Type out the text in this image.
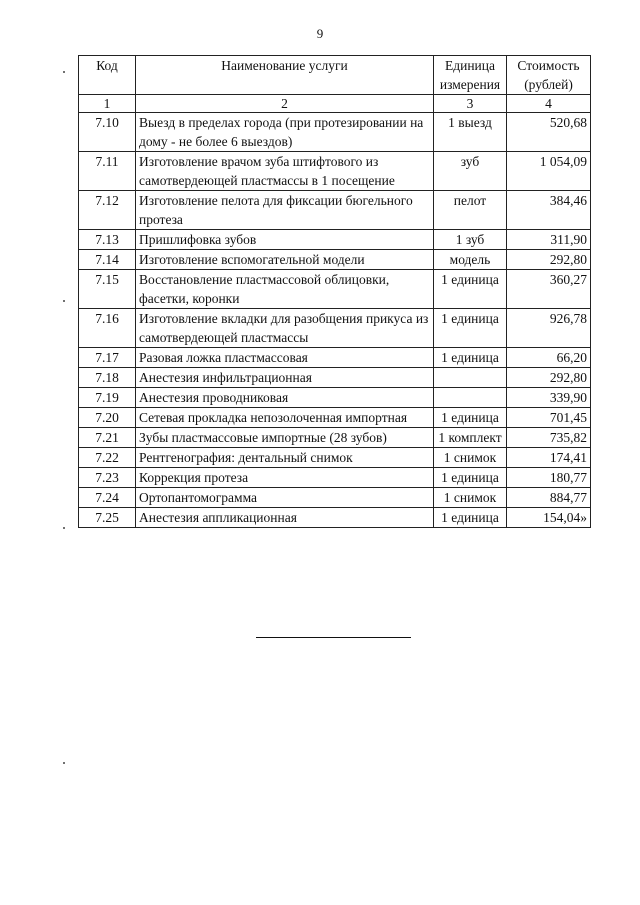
9
Код	Наименование услуги	Единица измерения	Стоимость (рублей)
1	2	3	4
7.10	Выезд в пределах города (при протезировании на дому - не более 6 выездов)	1 выезд	520,68
7.11	Изготовление врачом зуба штифтового из самотвердеющей пластмассы в 1 посещение	зуб	1 054,09
7.12	Изготовление пелота для фиксации бюгельного протеза	пелот	384,46
7.13	Пришлифовка зубов	1 зуб	311,90
7.14	Изготовление вспомогательной модели	модель	292,80
7.15	Восстановление пластмассовой облицовки, фасетки, коронки	1 единица	360,27
7.16	Изготовление вкладки для разобщения прикуса из самотвердеющей пластмассы	1 единица	926,78
7.17	Разовая ложка пластмассовая	1 единица	66,20
7.18	Анестезия инфильтрационная		292,80
7.19	Анестезия проводниковая		339,90
7.20	Сетевая прокладка непозолоченная импортная	1 единица	701,45
7.21	Зубы пластмассовые импортные (28 зубов)	1 комплект	735,82
7.22	Рентгенография: дентальный снимок	1 снимок	174,41
7.23	Коррекция протеза	1 единица	180,77
7.24	Ортопантомограмма	1 снимок	884,77
7.25	Анестезия аппликационная	1 единица	154,04»
